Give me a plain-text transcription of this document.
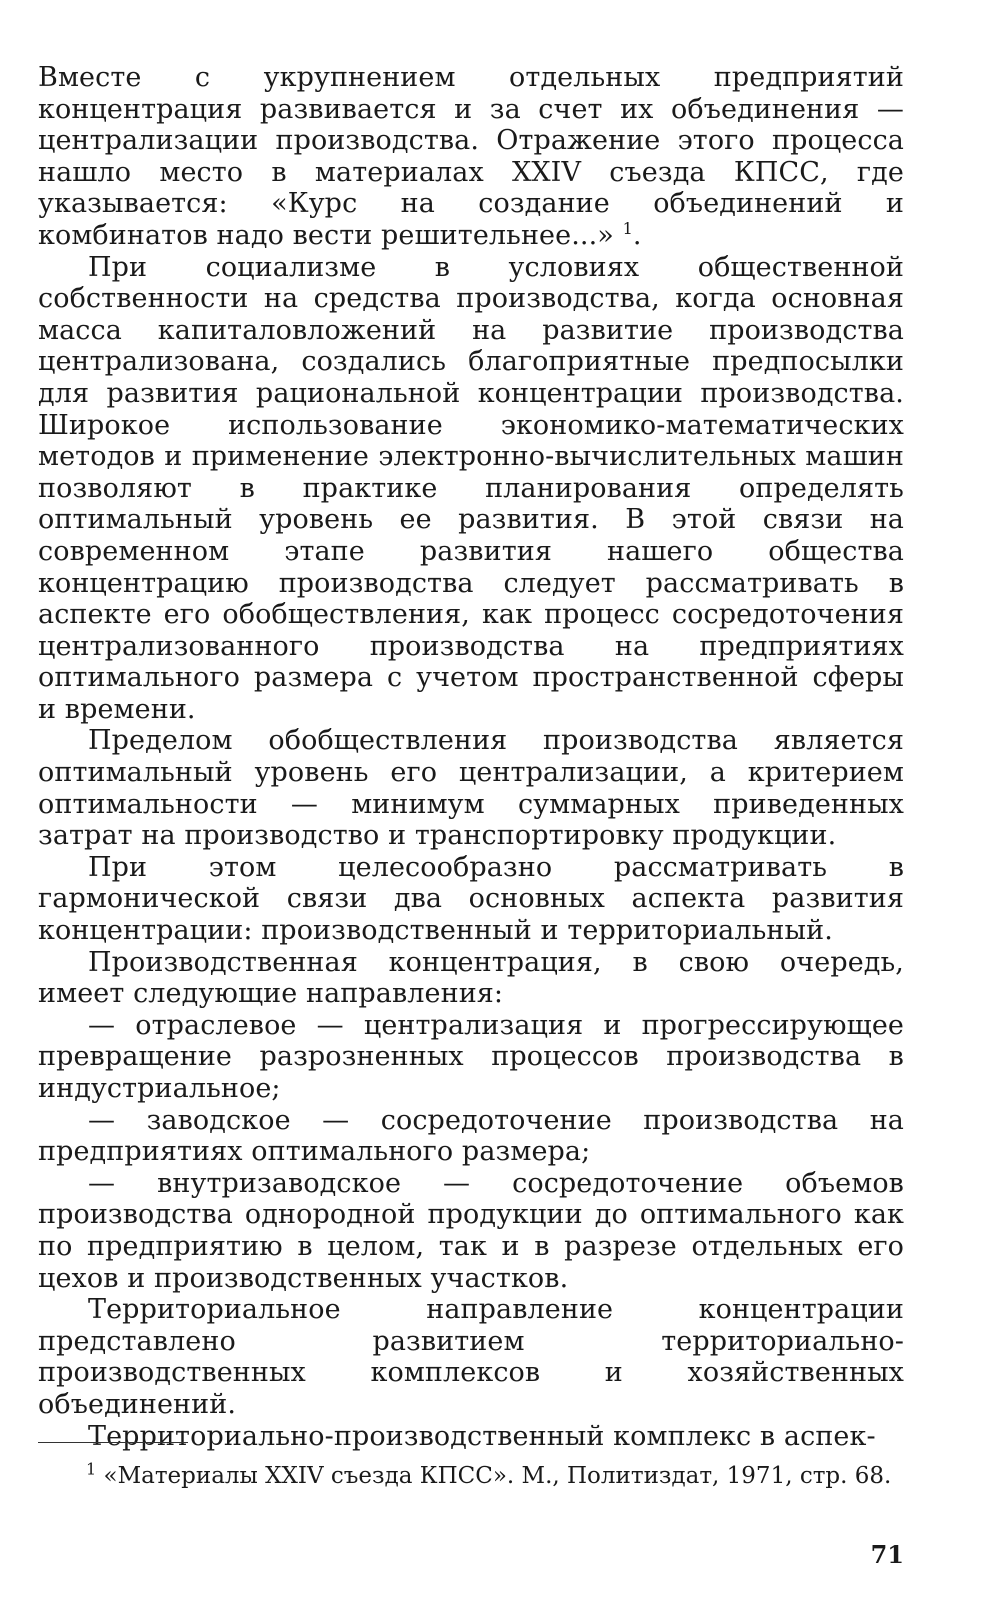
Вместе с укрупнением отдельных предприятий концентрация развивается и за счет их объединения — централизации производства. Отражение этого процесса нашло место в материалах XXIV съезда КПСС, где указывается: «Курс на создание объединений и комбинатов надо вести решительнее...» $^1$.

При социализме в условиях общественной собственности на средства производства, когда основная масса капиталовложений на развитие производства централизована, создались благоприятные предпосылки для развития рациональной концентрации производства. Широкое использование экономико-математических методов и применение электронно-вычислительных машин позволяют в практике планирования определять оптимальный уровень ее развития. В этой связи на современном этапе развития нашего общества концентрацию производства следует рассматривать в аспекте его обобществления, как процесс сосредоточения централизованного производства на предприятиях оптимального размера с учетом пространственной сферы и времени.

Пределом обобществления производства является оптимальный уровень его централизации, а критерием оптимальности — минимум суммарных приведенных затрат на производство и транспортировку продукции.

При этом целесообразно рассматривать в гармонической связи два основных аспекта развития концентрации: производственный и территориальный.

Производственная концентрация, в свою очередь, имеет следующие направления:

— отраслевое — централизация и прогрессирующее превращение разрозненных процессов производства в индустриальное;

— заводское — сосредоточение производства на предприятиях оптимального размера;

— внутризаводское — сосредоточение объемов производства однородной продукции до оптимального как по предприятию в целом, так и в разрезе отдельных его цехов и производственных участков.

Территориальное направление концентрации представлено развитием территориально-производственных комплексов и хозяйственных объединений.

Территориально-производственный комплекс в аспек-

$^1$ «Материалы XXIV съезда КПСС». М., Политиздат, 1971, стр. 68.
71
